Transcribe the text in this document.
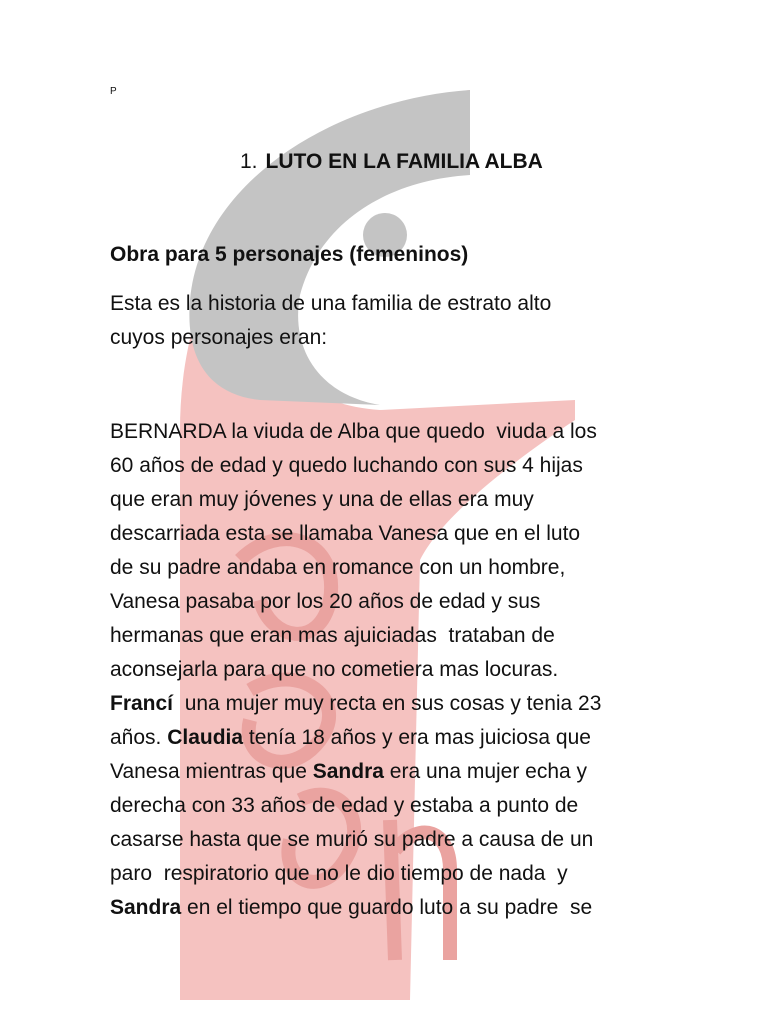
P
1. LUTO EN LA FAMILIA ALBA
Obra para 5 personajes (femeninos)
Esta es la historia de una familia de estrato alto
cuyos personajes eran:
BERNARDA la viuda de Alba que quedo  viuda a los
60 años de edad y quedo luchando con sus 4 hijas
que eran muy jóvenes y una de ellas era muy
descarriada esta se llamaba Vanesa que en el luto
de su padre andaba en romance con un hombre,
Vanesa pasaba por los 20 años de edad y sus
hermanas que eran mas ajuiciadas  trataban de
aconsejarla para que no cometiera mas locuras.
Francí  una mujer muy recta en sus cosas y tenia 23
años. Claudia tenía 18 años y era mas juiciosa que
Vanesa mientras que Sandra era una mujer echa y
derecha con 33 años de edad y estaba a punto de
casarse hasta que se murió su padre a causa de un
paro  respiratorio que no le dio tiempo de nada  y
Sandra en el tiempo que guardo luto a su padre  se
